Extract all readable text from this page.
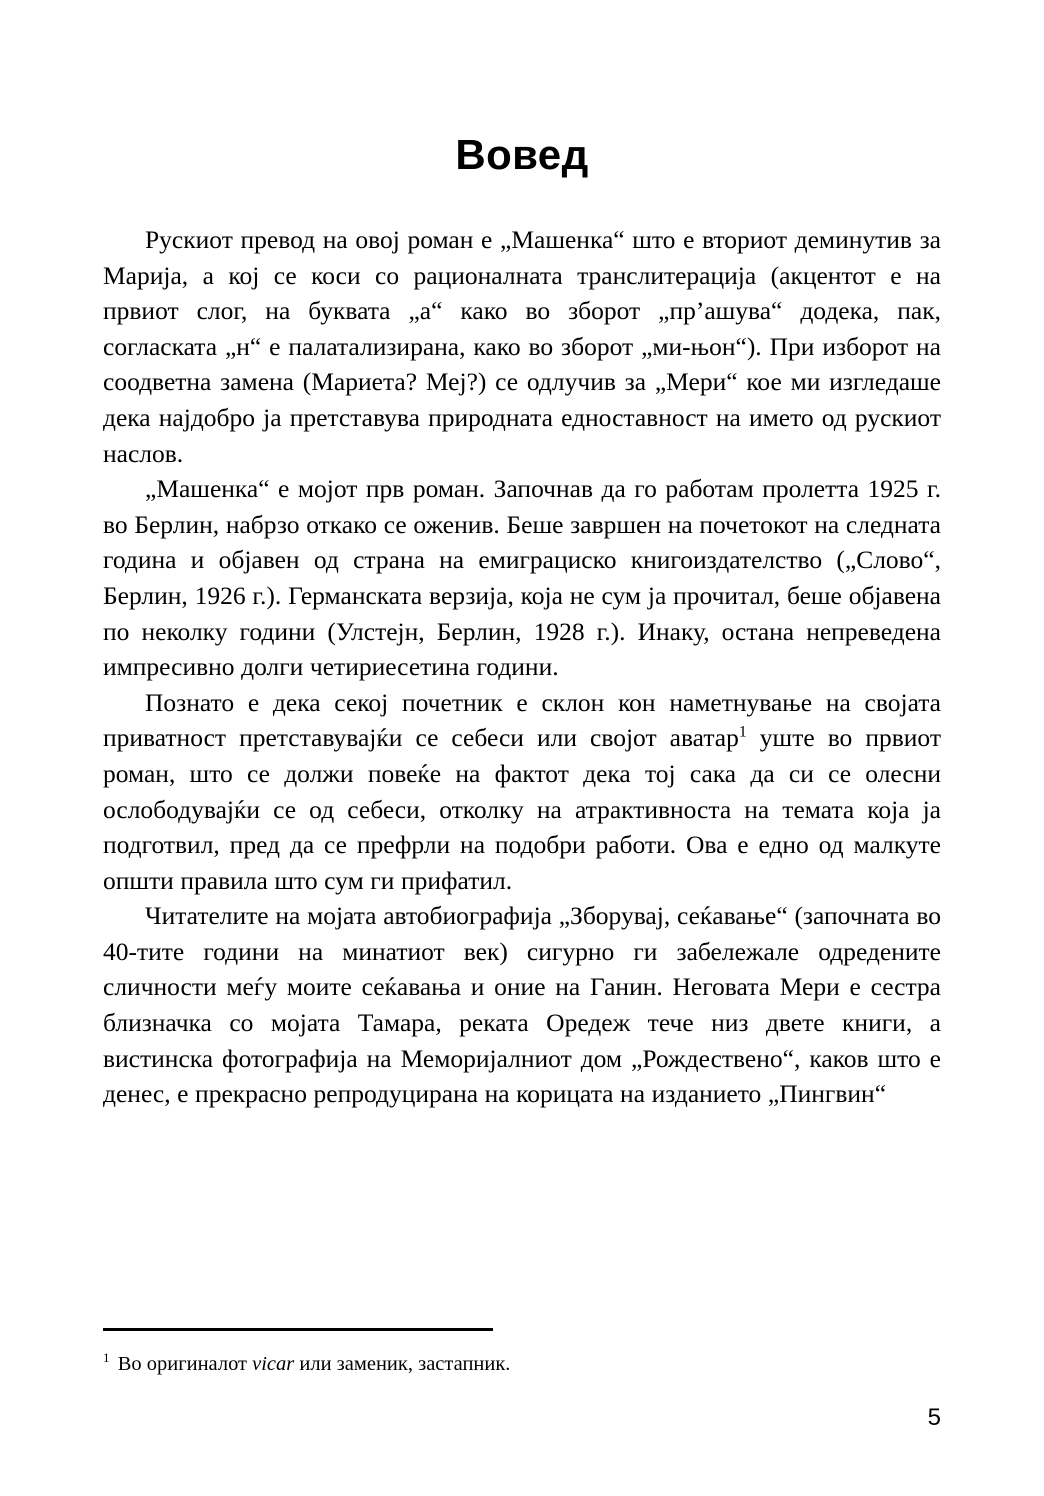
Вовед

Рускиот превод на овој роман е „Машенка“ што е вториот деминутив за Марија, а кој се коси со рационалната транслитерација (акцентот е на првиот слог, на буквата „а“ како во зборот „пр’ашува“ додека, пак, согласката „н“ е палатализирана, како во зборот „ми-њон“). При изборот на соодветна замена (Мариета? Меј?) се одлучив за „Мери“ кое ми изгледаше дека најдобро ја претставува природната едноставност на името од рускиот наслов.

„Машенка“ е мојот прв роман. Започнав да го работам пролетта 1925 г. во Берлин, набрзо откако се оженив. Беше завршен на почетокот на следната година и објавен од страна на емиграциско книгоиздателство („Слово“, Берлин, 1926 г.). Германската верзија, која не сум ја прочитал, беше објавена по неколку години (Улстејн, Берлин, 1928 г.). Инаку, остана непреведена импресивно долги четириесетина години.

Познато е дека секој почетник е склон кон наметнување на својата приватност претставувајќи се себеси или својот аватар$^1$ уште во првиот роман, што се должи повеќе на фактот дека тој сака да си се олесни ослободувајќи се од себеси, отколку на атрактивноста на темата која ја подготвил, пред да се префрли на подобри работи. Ова е едно од малкуте општи правила што сум ги прифатил.

Читателите на мојата автобиографија „Зборувај, сеќавање“ (започната во 40-тите години на минатиот век) сигурно ги забележале одредените сличности меѓу моите сеќавања и оние на Ганин. Неговата Мери е сестра близначка со мојата Тамара, реката Оредеж тече низ двете книги, а вистинска фотографија на Меморијалниот дом „Рождествено“, каков што е денес, е прекрасно репродуцирана на корицата на изданието „Пингвин“

$^1$ Во оригиналот vicar или заменик, застапник.
5
